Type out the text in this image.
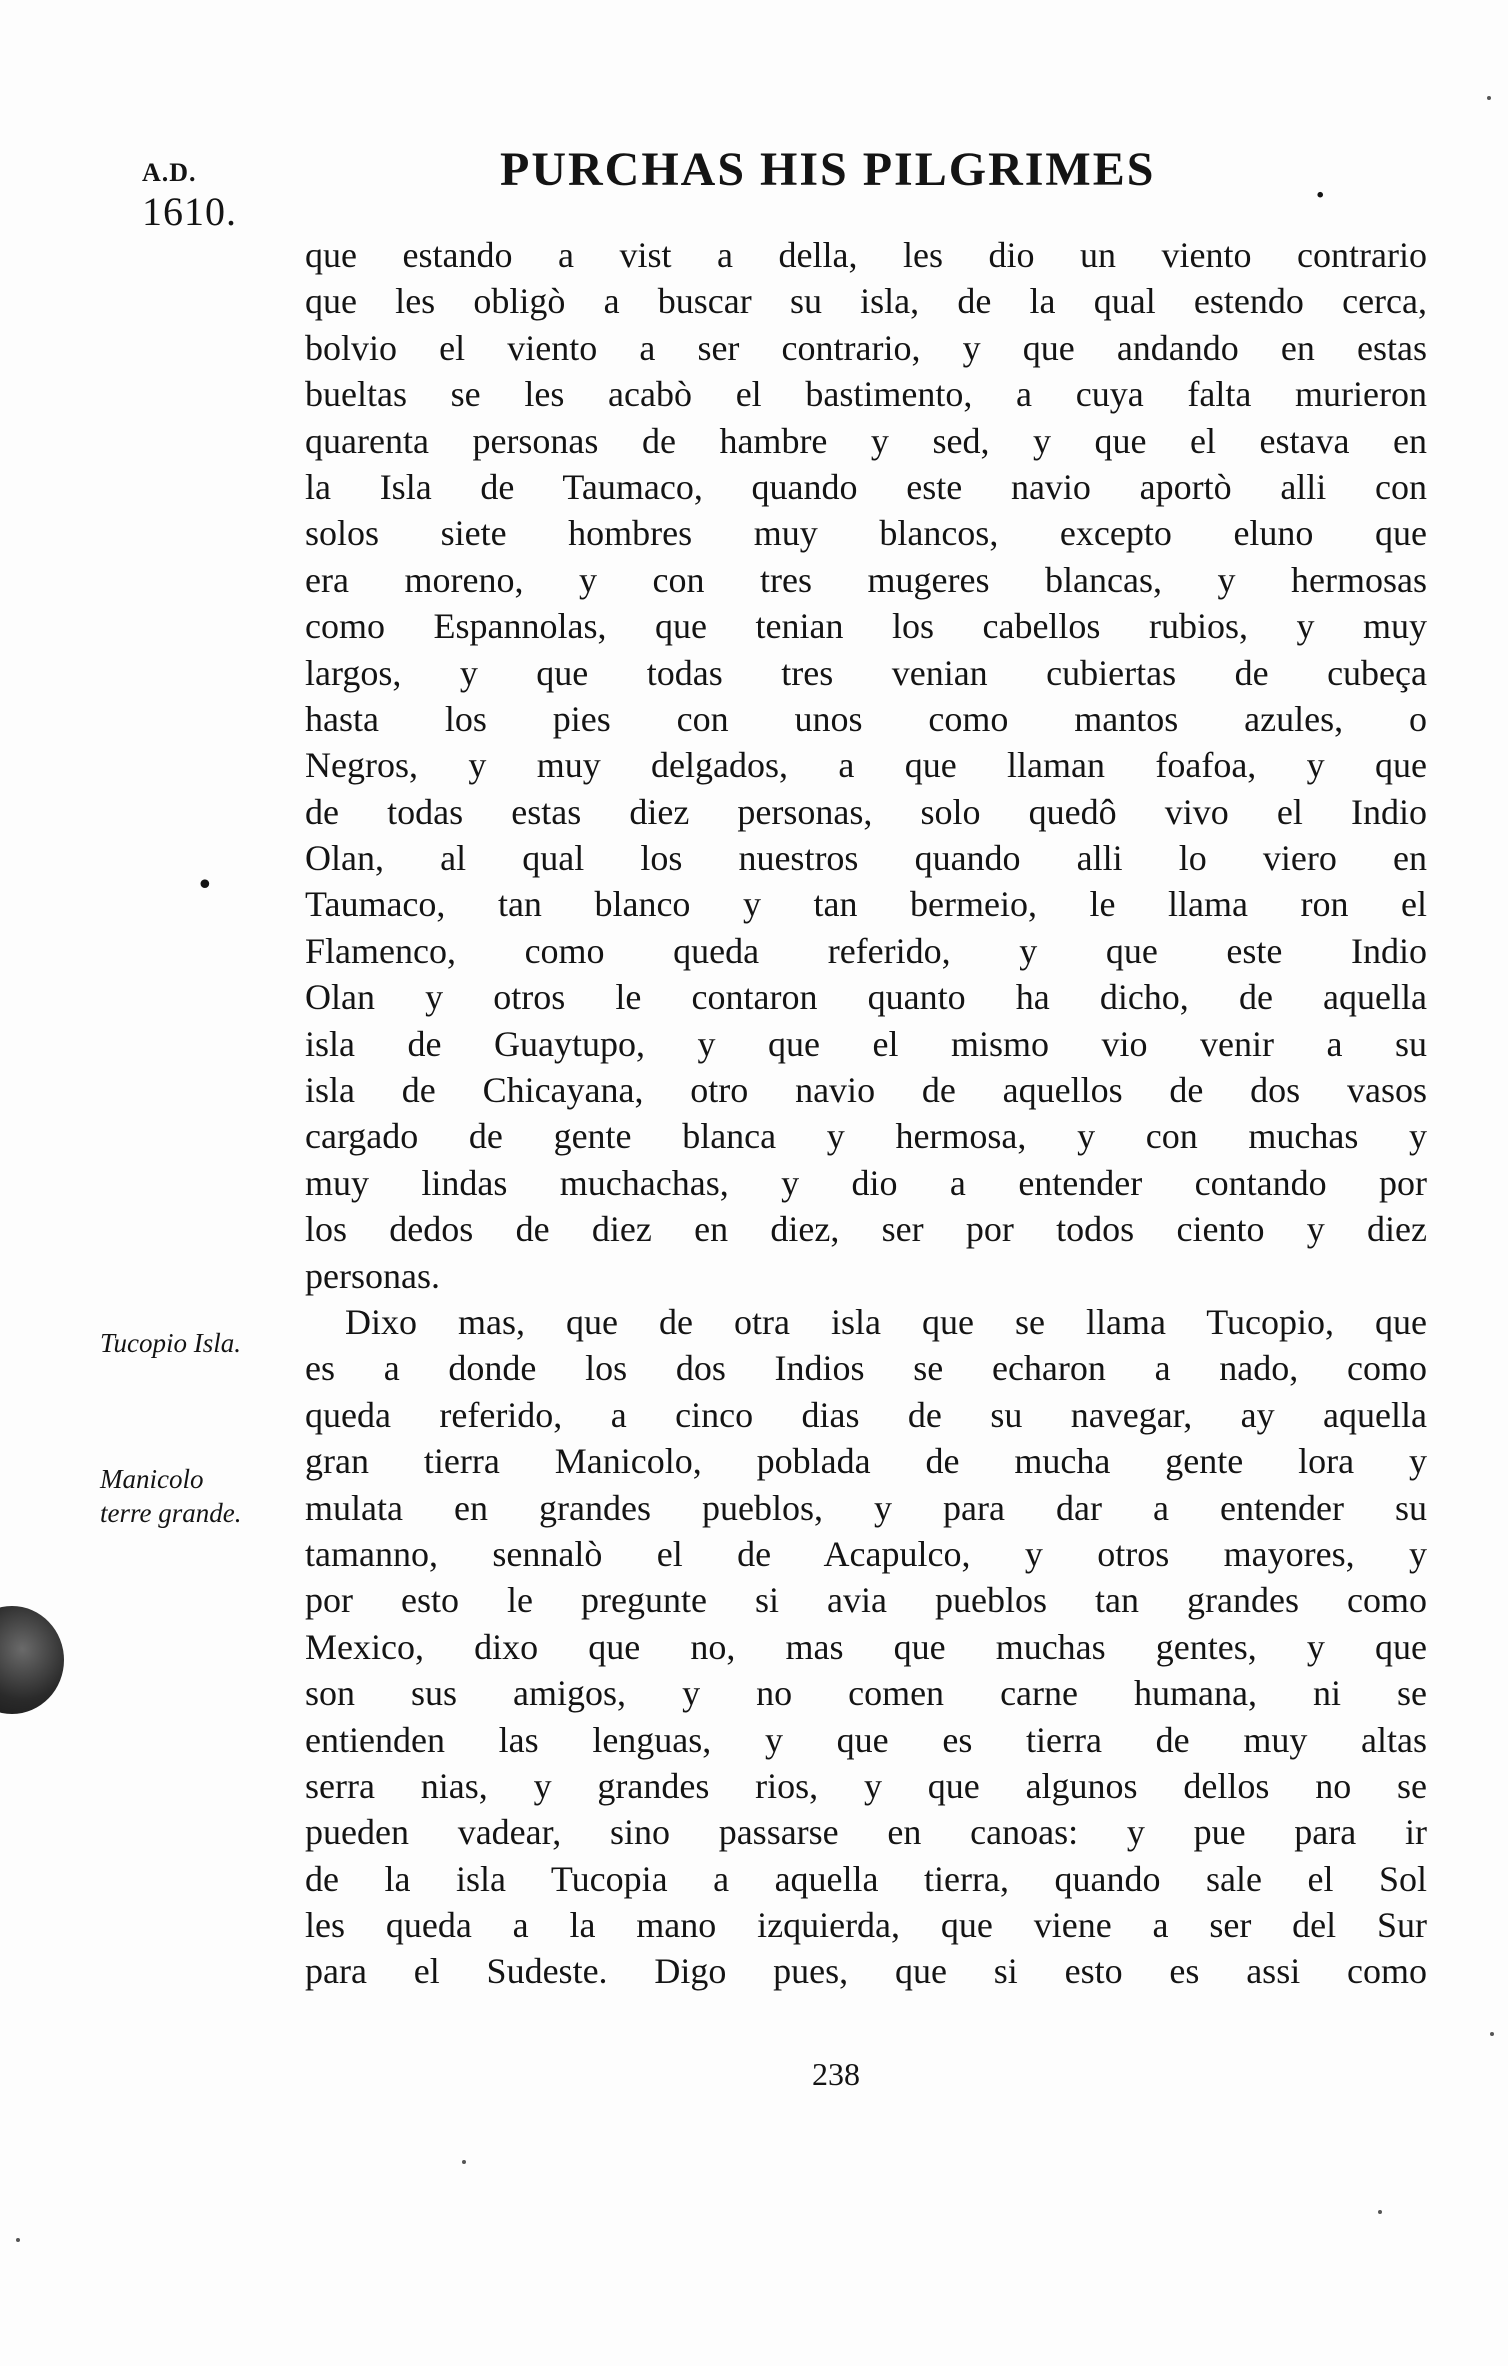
A.D.
1610.
PURCHAS HIS PILGRIMES	.
que estando a vist a della, les dio un viento contrario
que les obligò a buscar su isla, de la qual estendo cerca,
bolvio el viento a ser contrario, y que andando en estas
bueltas se les acabò el bastimento, a cuya falta murieron
quarenta personas de hambre y sed, y que el estava en
la Isla de Taumaco, quando este navio aportò alli con
solos siete hombres muy blancos, excepto eluno que
era moreno, y con tres mugeres blancas, y hermosas
como Espannolas, que tenian los cabellos rubios, y muy
largos, y que todas tres venian cubiertas de cubeça
hasta los pies con unos como mantos azules, o
Negros, y muy delgados, a que llaman foafoa, y que
de todas estas diez personas, solo quedô vivo el Indio
Olan, al qual los nuestros quando alli lo viero en
Taumaco, tan blanco y tan bermeio, le llama ron el
Flamenco, como queda referido, y que este Indio
Olan y otros le contaron quanto ha dicho, de aquella
isla de Guaytupo, y que el mismo vio venir a su
isla de Chicayana, otro navio de aquellos de dos vasos
cargado de gente blanca y hermosa, y con muchas y
muy lindas muchachas, y dio a entender contando por
los dedos de diez en diez, ser por todos ciento y diez
personas.
Dixo mas, que de otra isla que se llama Tucopio, que
es a donde los dos Indios se echaron a nado, como
queda referido, a cinco dias de su navegar, ay aquella
gran tierra Manicolo, poblada de mucha gente lora y
mulata en grandes pueblos, y para dar a entender su
tamanno, sennalò el de Acapulco, y otros mayores, y
por esto le pregunte si avia pueblos tan grandes como
Mexico, dixo que no, mas que muchas gentes, y que
son sus amigos, y no comen carne humana, ni se
entienden las lenguas, y que es tierra de muy altas
serra nias, y grandes rios, y que algunos dellos no se
pueden vadear, sino passarse en canoas: y pue para ir
de la isla Tucopia a aquella tierra, quando sale el Sol
les queda a la mano izquierda, que viene a ser del Sur
para el Sudeste. Digo pues, que si esto es assi como
Tucopio Isla.
Manicolo
terre grande.
•
238
